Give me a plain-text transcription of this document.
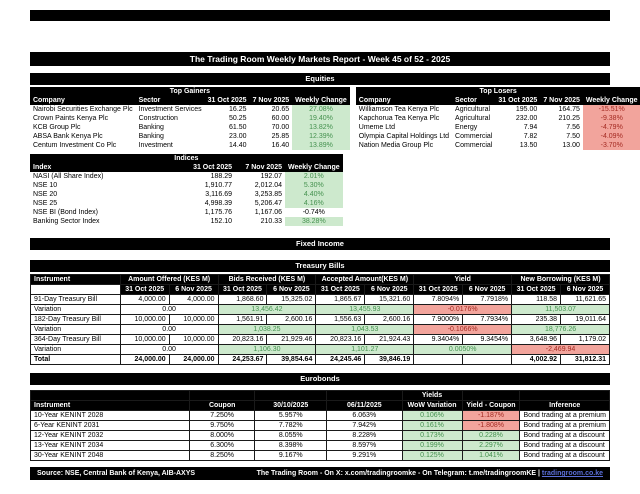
The Trading Room Weekly Markets Report - Week 45 of 52 - 2025
Equities
Top Gainers				
Company	Sector	31 Oct 2025	7 Nov 2025	Weekly Change
Nairobi Securities Exchange Plc	Investment Services	16.25	20.65	27.08%
Crown Paints Kenya Plc	Construction	50.25	60.00	19.40%
KCB Group Plc	Banking	61.50	70.00	13.82%
ABSA Bank Kenya Plc	Banking	23.00	25.85	12.39%
Centum Investment Co Plc	Investment	14.40	16.40	13.89%
Top Losers				
Company	Sector	31 Oct 2025	7 Nov 2025	Weekly Change
Williamson Tea Kenya Plc	Agricultural	195.00	164.75	-15.51%
Kapchorua Tea Kenya Plc	Agricultural	232.00	210.25	-9.38%
Umeme Ltd	Energy	7.94	7.56	-4.79%
Olympia Capital Holdings Ltd	Commercial	7.82	7.50	-4.09%
Nation Media Group Plc	Commercial	13.50	13.00	-3.70%
Indices			
Index	31 Oct 2025	7 Nov 2025	Weekly Change
NASI (All Share Index)	188.29	192.07	2.01%
NSE 10	1,910.77	2,012.04	5.30%
NSE 20	3,116.69	3,253.85	4.40%
NSE 25	4,998.39	5,206.47	4.16%
NSE BI (Bond Index)	1,175.76	1,167.06	-0.74%
Banking Sector Index	152.10	210.33	38.28%
Fixed Income
Treasury Bills
Instrument	Amount Offered (KES M)		Bids Received (KES M)		Accepted Amount(KES M)		Yield		New Borrowing (KES M)	
	31 Oct 2025	6 Nov 2025	31 Oct 2025	6 Nov 2025	31 Oct 2025	6 Nov 2025	31 Oct 2025	6 Nov 2025	31 Oct 2025	6 Nov 2025
91-Day Treasury Bill	4,000.00	4,000.00	1,868.60	15,325.02	1,865.67	15,321.60	7.8094%	7.7918%	118.58	11,621.65
Variation	0.00		13,456.42		13,455.93		-0.0176%		11,503.07	
182-Day Treasury Bill	10,000.00	10,000.00	1,561.91	2,600.16	1,556.63	2,600.16	7.9000%	7.7934%	235.38	19,011.64
Variation	0.00		1,038.25		1,043.53		-0.1066%		18,776.26	
364-Day Treasury Bill	10,000.00	10,000.00	20,823.16	21,929.46	20,823.16	21,924.43	9.3404%	9.3454%	3,648.96	1,179.02
Variation	0.00		1,106.30		1,101.27		0.0050%		-2,469.94	
Total	24,000.00	24,000.00	24,253.67	39,854.64	24,245.46	39,846.19			4,002.92	31,812.31
Eurobonds
				Yields		
Instrument	Coupon	30/10/2025	06/11/2025	WoW Variation	Yield - Coupon	Inference
10-Year KENINT 2028	7.250%	5.957%	6.063%	0.106%	-1.187%	Bond trading at a premium
6-Year KENINT 2031	9.750%	7.782%	7.942%	0.161%	-1.808%	Bond trading at a premium
12-Year KENINT 2032	8.000%	8.055%	8.228%	0.173%	0.228%	Bond trading at a discount
13-Year KENINT 2034	6.300%	8.398%	8.597%	0.199%	2.297%	Bond trading at a discount
30-Year KENINT 2048	8.250%	9.167%	9.291%	0.125%	1.041%	Bond trading at a discount
Source: NSE, Central Bank of Kenya, AIB-AXYS	The Trading Room - On X: x.com/tradingroomke - On Telegram: t.me/tradingroomKE | tradingroom.co.ke
